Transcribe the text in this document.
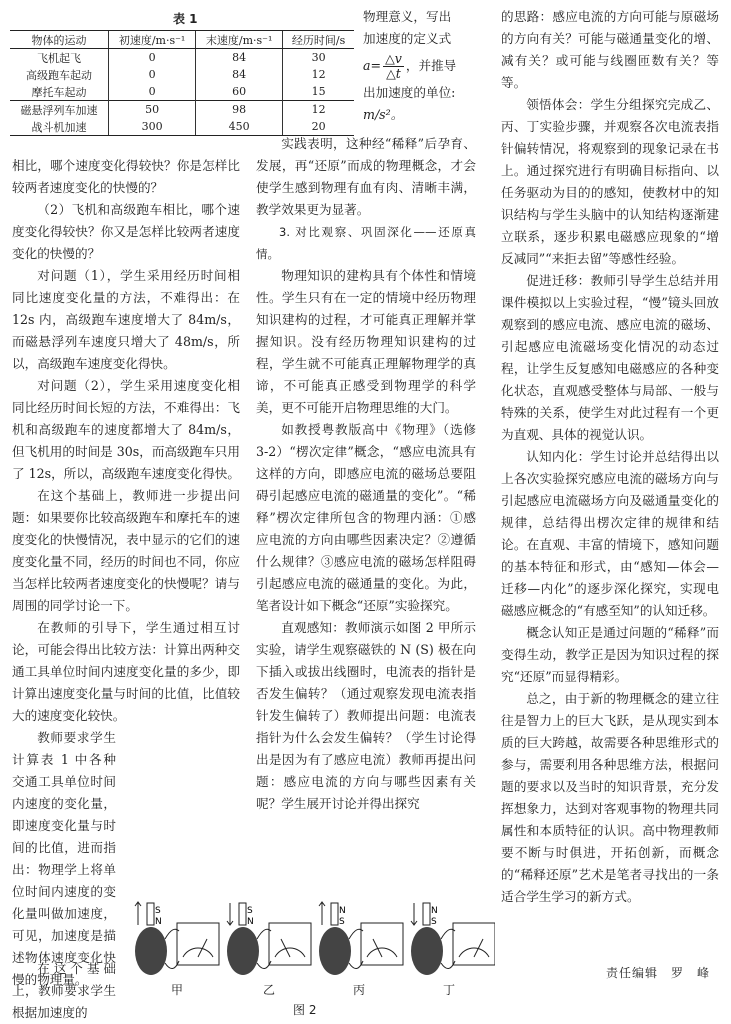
表 1
物体的运动	初速度/m·s⁻¹	末速度/m·s⁻¹	经历时间/s
飞机起飞	0	84	30
高级跑车起动	0	84	12
摩托车起动	0	60	15
磁悬浮列车加速	50	98	12
战斗机加速	300	450	20

物理意义，写出

加速度的定义式

$a= \frac{\triangle v}{\triangle t}$ ，并推导

出加速度的单位:

m/s²。

相比，哪个速度变化得较快？你是怎样比较两者速度变化的快慢的？

（2）飞机和高级跑车相比，哪个速度变化得较快？你又是怎样比较两者速度变化的快慢的？

对问题（1），学生采用经历时间相同比速度变化量的方法，不难得出：在 12s 内，高级跑车速度增大了 84m/s，而磁悬浮列车速度只增大了 48m/s，所以，高级跑车速度变化得快。

对问题（2），学生采用速度变化相同比经历时间长短的方法，不难得出：飞机和高级跑车的速度都增大了 84m/s，但飞机用的时间是 30s，而高级跑车只用了 12s，所以，高级跑车速度变化得快。

在这个基础上，教师进一步提出问题：如果要你比较高级跑车和摩托车的速度变化的快慢情况，表中显示的它们的速度变化量不同，经历的时间也不同，你应当怎样比较两者速度变化的快慢呢？请与周围的同学讨论一下。

在教师的引导下，学生通过相互讨论，可能会得出比较方法：计算出两种交通工具单位时间内速度变化量的多少，即计算出速度变化量与时间的比值，比值较大的速度变化较快。

教师要求学生计算表 1 中各种交通工具单位时间内速度的变化量，即速度变化量与时间的比值，进而指出：物理学上将单位时间内速度的变化量叫做加速度，可见，加速度是描述物体速度变化快慢的物理量。

在这个基础上，教师要求学生根据加速度的

实践表明，这种经“稀释”后孕育、发展，再“还原”而成的物理概念，才会使学生感到物理有血有肉、清晰丰满，教学效果更为显著。

3. 对比观察、巩固深化——还原真情。

物理知识的建构具有个体性和情境性。学生只有在一定的情境中经历物理知识建构的过程，才可能真正理解并掌握知识。没有经历物理知识建构的过程，学生就不可能真正理解物理学的真谛，不可能真正感受到物理学的科学美，更不可能开启物理思维的大门。

如教授粤教版高中《物理》（选修 3-2）“楞次定律”概念，“感应电流具有这样的方向，即感应电流的磁场总要阻碍引起感应电流的磁通量的变化”。“稀释”楞次定律所包含的物理内涵：①感应电流的方向由哪些因素决定？②遵循什么规律？③感应电流的磁场怎样阻碍引起感应电流的磁通量的变化。为此，笔者设计如下概念“还原”实验探究。

直观感知：教师演示如图 2 甲所示实验，请学生观察磁铁的 N (S) 极在向下插入或拔出线圈时，电流表的指针是否发生偏转？（通过观察发现电流表指针发生偏转了）教师提出问题：电流表指针为什么会发生偏转？（学生讨论得出是因为有了感应电流）教师再提出问题：感应电流的方向与哪些因素有关呢？学生展开讨论并得出探究

的思路：感应电流的方向可能与原磁场的方向有关？可能与磁通量变化的增、减有关？或可能与线圈匝数有关？等等。

领悟体会：学生分组探究完成乙、丙、丁实验步骤，并观察各次电流表指针偏转情况，将观察到的现象记录在书上。通过探究进行有明确目标指向、以任务驱动为目的的感知，使教材中的知识结构与学生头脑中的认知结构逐渐建立联系，逐步积累电磁感应现象的“增反减同”“来拒去留”等感性经验。

促进迁移：教师引导学生总结并用课件模拟以上实验过程，“慢”镜头回放观察到的感应电流、感应电流的磁场、引起感应电流磁场变化情况的动态过程，让学生反复感知电磁感应的各种变化状态，直观感受整体与局部、一般与特殊的关系，使学生对此过程有一个更为直观、具体的视觉认识。

认知内化：学生讨论并总结得出以上各次实验探究感应电流的磁场方向与引起感应电流磁场方向及磁通量变化的规律，总结得出楞次定律的规律和结论。在直观、丰富的情境下，感知问题的基本特征和形式，由“感知—体会—迁移—内化”的逐步深化探究，实现电磁感应概念的“有感至知”的认知迁移。

概念认知正是通过问题的“稀释”而变得生动，教学正是因为知识过程的探究“还原”而显得精彩。

总之，由于新的物理概念的建立往往是智力上的巨大飞跃，是从现实到本质的巨大跨越，故需要各种思维形式的参与，需要利用各种思维方法，根据问题的要求以及当时的知识背景，充分发挥想象力，达到对客观事物的物理共同属性和本质特征的认识。高中物理教师要不断与时俱进，开拓创新，而概念的“稀释还原”艺术是笔者寻找出的一条适合学生学习的新方式。

责任编辑　罗　峰
S
N
S
N
N
S
N
S
甲	乙	丙	丁
图 2
